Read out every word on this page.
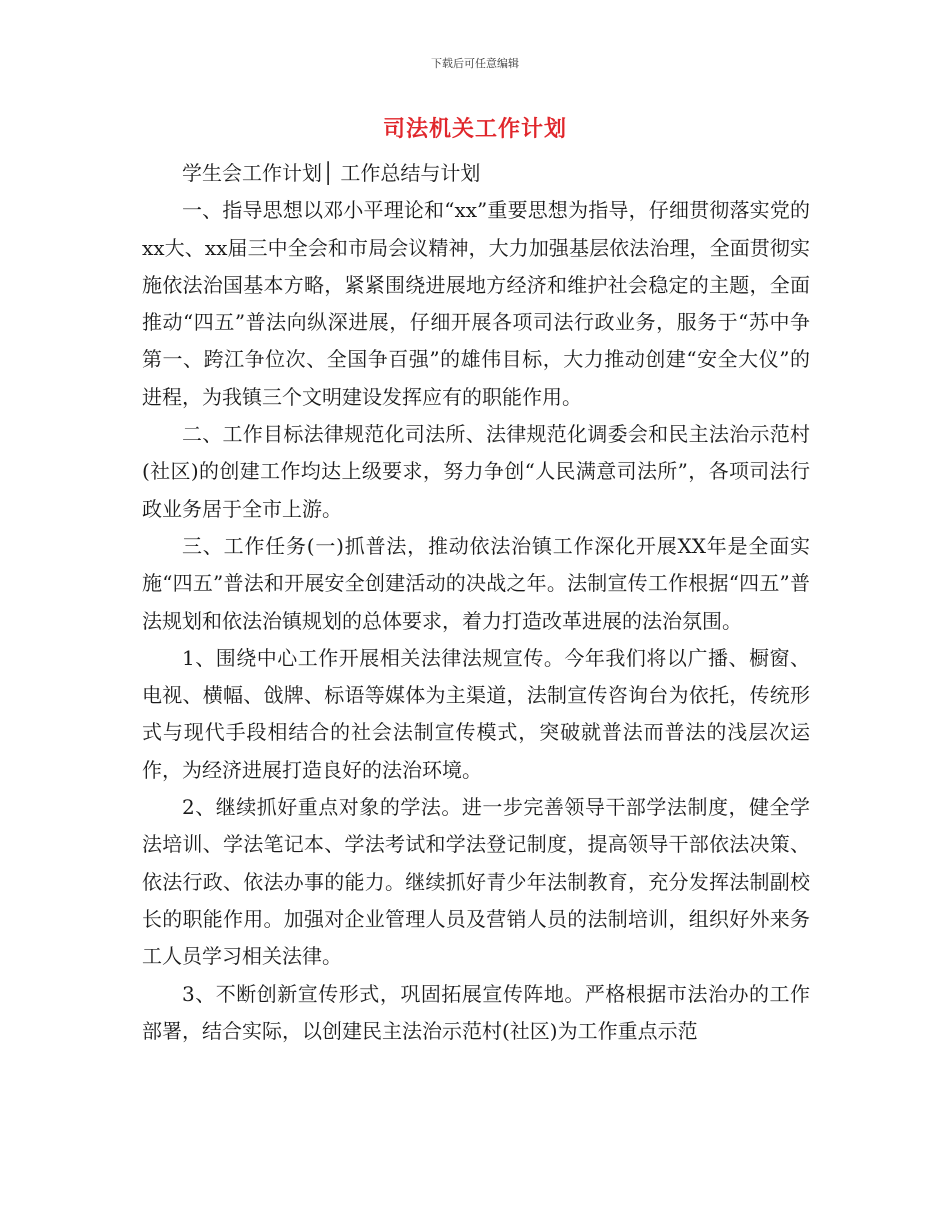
下载后可任意编辑
司法机关工作计划

学生会工作计划│ 工作总结与计划

一、指导思想以邓小平理论和“xx”重要思想为指导，仔细贯彻落实党的xx大、xx届三中全会和市局会议精神，大力加强基层依法治理，全面贯彻实施依法治国基本方略，紧紧围绕进展地方经济和维护社会稳定的主题，全面推动“四五”普法向纵深进展，仔细开展各项司法行政业务，服务于“苏中争第一、跨江争位次、全国争百强”的雄伟目标，大力推动创建“安全大仪”的进程，为我镇三个文明建设发挥应有的职能作用。

二、工作目标法律规范化司法所、法律规范化调委会和民主法治示范村(社区)的创建工作均达上级要求，努力争创“人民满意司法所”，各项司法行政业务居于全市上游。

三、工作任务(一)抓普法，推动依法治镇工作深化开展XX年是全面实施“四五”普法和开展安全创建活动的决战之年。法制宣传工作根据“四五”普法规划和依法治镇规划的总体要求，着力打造改革进展的法治氛围。

1、围绕中心工作开展相关法律法规宣传。今年我们将以广播、橱窗、电视、横幅、戗牌、标语等媒体为主渠道，法制宣传咨询台为依托，传统形式与现代手段相结合的社会法制宣传模式，突破就普法而普法的浅层次运作，为经济进展打造良好的法治环境。

2、继续抓好重点对象的学法。进一步完善领导干部学法制度，健全学法培训、学法笔记本、学法考试和学法登记制度，提高领导干部依法决策、依法行政、依法办事的能力。继续抓好青少年法制教育，充分发挥法制副校长的职能作用。加强对企业管理人员及营销人员的法制培训，组织好外来务工人员学习相关法律。

3、不断创新宣传形式，巩固拓展宣传阵地。严格根据市法治办的工作部署，结合实际，以创建民主法治示范村(社区)为工作重点示范
